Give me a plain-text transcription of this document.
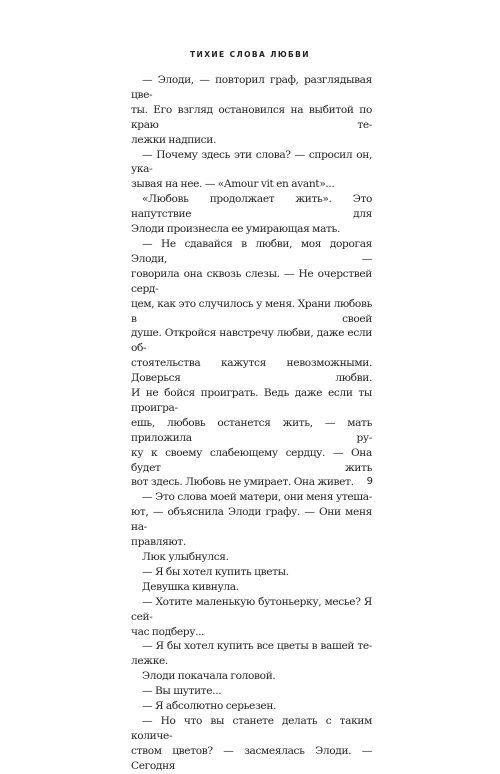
ТИХИЕ СЛОВА ЛЮБВИ

— Элоди, — повторил граф, разглядывая цве-

ты. Его взгляд остановился на выбитой по краю те-

лежки надписи.

— Почему здесь эти слова? — спросил он, ука-

зывая на нее. — «Amour vit en avant»...

«Любовь продолжает жить». Это напутствие для

Элоди произнесла ее умирающая мать.

— Не сдавайся в любви, моя дорогая Элоди, —

говорила она сквозь слезы. — Не очерствей серд-

цем, как это случилось у меня. Храни любовь в своей

душе. Откройся навстречу любви, даже если об-

стоятельства кажутся невозможными. Доверься любви.

И не бойся проиграть. Ведь даже если ты проигра-

ешь, любовь останется жить, — мать приложила ру-

ку к своему слабеющему сердцу. — Она будет жить

вот здесь. Любовь не умирает. Она живет.

— Это слова моей матери, они меня утеша-

ют, — объяснила Элоди графу. — Они меня на-

правляют.

Люк улыбнулся.

— Я бы хотел купить цветы.

Девушка кивнула.

— Хотите маленькую бутоньерку, месье? Я сей-

час подберу...

— Я бы хотел купить все цветы в вашей те-

лежке.

Элоди покачала головой.

— Вы шутите...

— Я абсолютно серьезен.

— Но что вы станете делать с таким количе-

ством цветов? — засмеялась Элоди. — Сегодня

9
